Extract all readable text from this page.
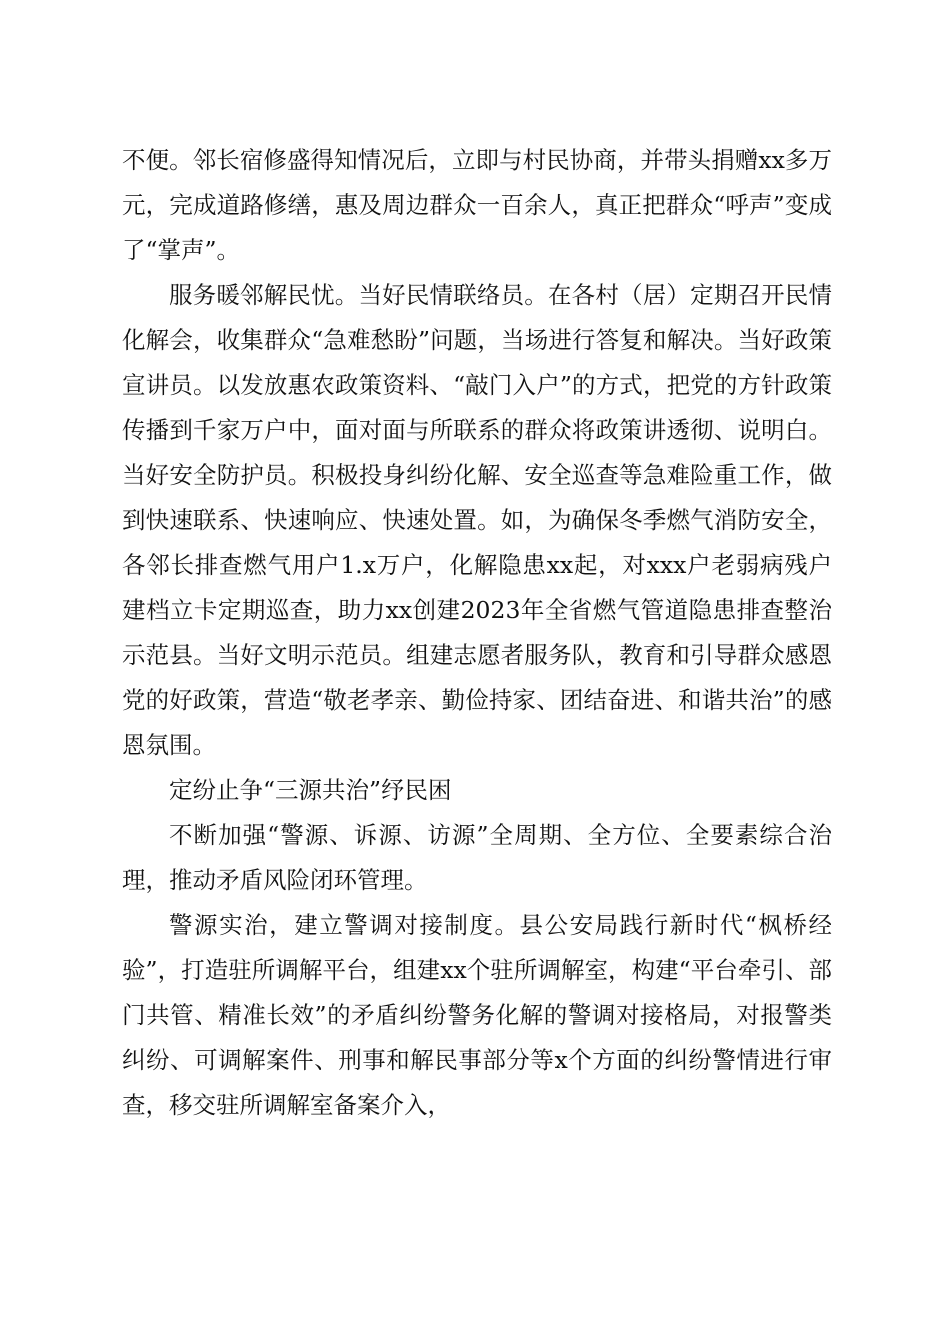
不便。邻长宿修盛得知情况后，立即与村民协商，并带头捐赠xx多万元，完成道路修缮，惠及周边群众一百余人，真正把群众“呼声”变成了“掌声”。

服务暖邻解民忧。当好民情联络员。在各村（居）定期召开民情化解会，收集群众“急难愁盼”问题，当场进行答复和解决。当好政策宣讲员。以发放惠农政策资料、“敲门入户”的方式，把党的方针政策传播到千家万户中，面对面与所联系的群众将政策讲透彻、说明白。当好安全防护员。积极投身纠纷化解、安全巡查等急难险重工作，做到快速联系、快速响应、快速处置。如，为确保冬季燃气消防安全，各邻长排查燃气用户1.x万户，化解隐患xx起，对xxx户老弱病残户建档立卡定期巡查，助力xx创建2023年全省燃气管道隐患排查整治示范县。当好文明示范员。组建志愿者服务队，教育和引导群众感恩党的好政策，营造“敬老孝亲、勤俭持家、团结奋进、和谐共治”的感恩氛围。

定纷止争“三源共治”纾民困

不断加强“警源、诉源、访源”全周期、全方位、全要素综合治理，推动矛盾风险闭环管理。

警源实治，建立警调对接制度。县公安局践行新时代“枫桥经验”，打造驻所调解平台，组建xx个驻所调解室，构建“平台牵引、部门共管、精准长效”的矛盾纠纷警务化解的警调对接格局，对报警类纠纷、可调解案件、刑事和解民事部分等x个方面的纠纷警情进行审查，移交驻所调解室备案介入，
